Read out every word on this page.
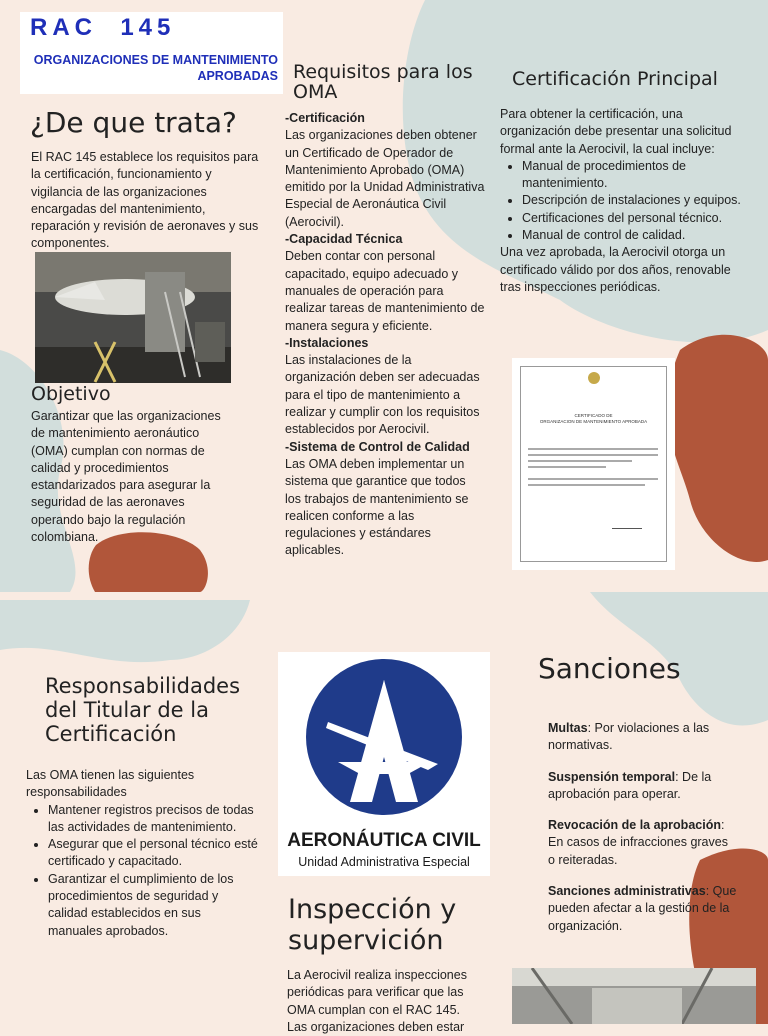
RAC  145
ORGANIZACIONES DE MANTENIMIENTO APROBADAS
¿De que trata?

El RAC 145 establece los requisitos para la certificación, funcionamiento y vigilancia de las organizaciones encargadas del mantenimiento, reparación y revisión de aeronaves y sus componentes.

Objetivo

Garantizar que las organizaciones de mantenimiento aeronáutico (OMA) cumplan con normas de calidad y procedimientos estandarizados para asegurar la seguridad de las aeronaves operando bajo la regulación colombiana.

Requisitos para los OMA

-Certificación

Las organizaciones deben obtener un Certificado de Operador de Mantenimiento Aprobado (OMA) emitido por la Unidad Administrativa Especial de Aeronáutica Civil (Aerocivil).

-Capacidad Técnica

Deben contar con personal capacitado, equipo adecuado y manuales de operación para realizar tareas de mantenimiento de manera segura y eficiente.

-Instalaciones

Las instalaciones de la organización deben ser adecuadas para el tipo de mantenimiento a realizar y cumplir con los requisitos establecidos por Aerocivil.

-Sistema de Control de Calidad

Las OMA deben implementar un sistema que garantice que todos los trabajos de mantenimiento se realicen conforme a las regulaciones y estándares aplicables.

Certificación Principal

Para obtener la certificación, una organización debe presentar una solicitud formal ante la Aerocivil, la cual incluye:

• Manual de procedimientos de mantenimiento.
• Descripción de instalaciones y equipos.
• Certificaciones del personal técnico.
• Manual de control de calidad.

Una vez aprobada, la Aerocivil otorga un certificado válido por dos años, renovable tras inspecciones periódicas.

CERTIFICADO DE
ORGANIZACION DE MANTENIMIENTO APROBADA
Responsabilidades del Titular de la Certificación

Las OMA tienen las siguientes responsabilidades

• Mantener registros precisos de todas las actividades de mantenimiento.
• Asegurar que el personal técnico esté certificado y capacitado.
• Garantizar el cumplimiento de los procedimientos de seguridad y calidad establecidos en sus manuales aprobados.
AERONÁUTICA CIVIL
Unidad Administrativa Especial
Inspección y supervición

La Aerocivil realiza inspecciones periódicas para verificar que las OMA cumplan con el RAC 145. Las organizaciones deben estar

Sanciones

Multas: Por violaciones a las normativas.

Suspensión temporal: De la aprobación para operar.

Revocación de la aprobación: En casos de infracciones graves o reiteradas.

Sanciones administrativas: Que pueden afectar a la gestión de la organización.
